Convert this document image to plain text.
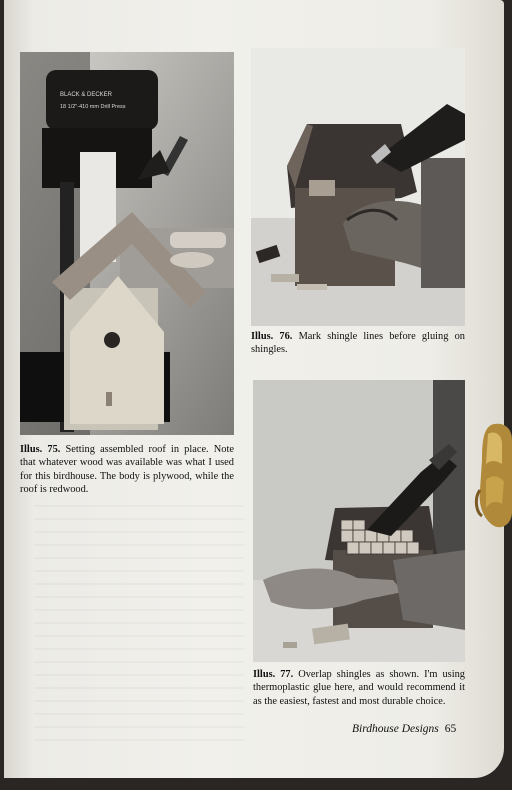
BLACK & DECKER
18 1/2"-410 mm Drill Press

Illus. 75. Setting assembled roof in place. Note that whatever wood was available was what I used for this birdhouse. The body is plywood, while the roof is redwood.

Illus. 76. Mark shingle lines before gluing on shingles.

Illus. 77. Overlap shingles as shown. I'm using thermoplastic glue here, and would recommend it as the easiest, fastest and most durable choice.

Birdhouse Designs 65
